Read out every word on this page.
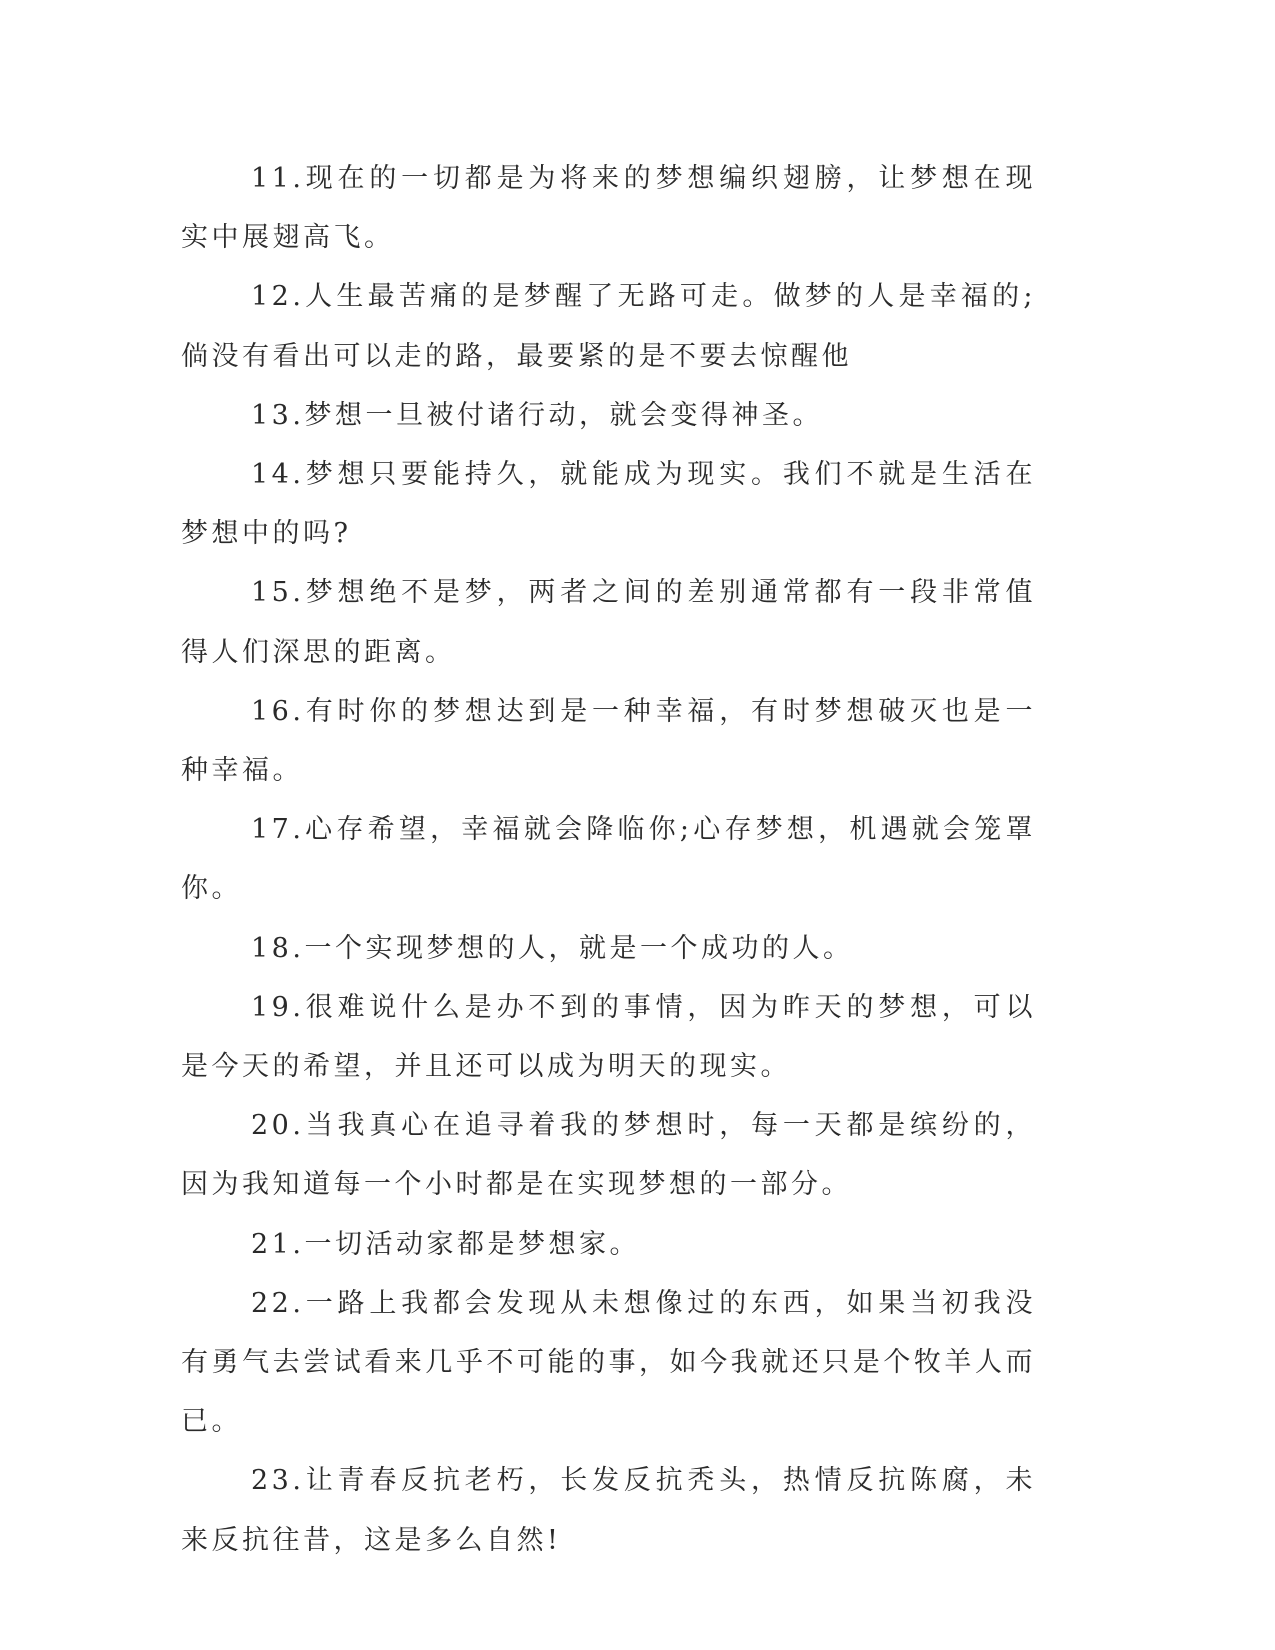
11.现在的一切都是为将来的梦想编织翅膀，让梦想在现实中展翅高飞。

12.人生最苦痛的是梦醒了无路可走。做梦的人是幸福的;倘没有看出可以走的路，最要紧的是不要去惊醒他

13.梦想一旦被付诸行动，就会变得神圣。

14.梦想只要能持久，就能成为现实。我们不就是生活在梦想中的吗?

15.梦想绝不是梦，两者之间的差别通常都有一段非常值得人们深思的距离。

16.有时你的梦想达到是一种幸福，有时梦想破灭也是一种幸福。

17.心存希望，幸福就会降临你;心存梦想，机遇就会笼罩你。

18.一个实现梦想的人，就是一个成功的人。

19.很难说什么是办不到的事情，因为昨天的梦想，可以是今天的希望，并且还可以成为明天的现实。

20.当我真心在追寻着我的梦想时，每一天都是缤纷的，因为我知道每一个小时都是在实现梦想的一部分。

21.一切活动家都是梦想家。

22.一路上我都会发现从未想像过的东西，如果当初我没有勇气去尝试看来几乎不可能的事，如今我就还只是个牧羊人而已。

23.让青春反抗老朽，长发反抗秃头，热情反抗陈腐，未来反抗往昔，这是多么自然!
